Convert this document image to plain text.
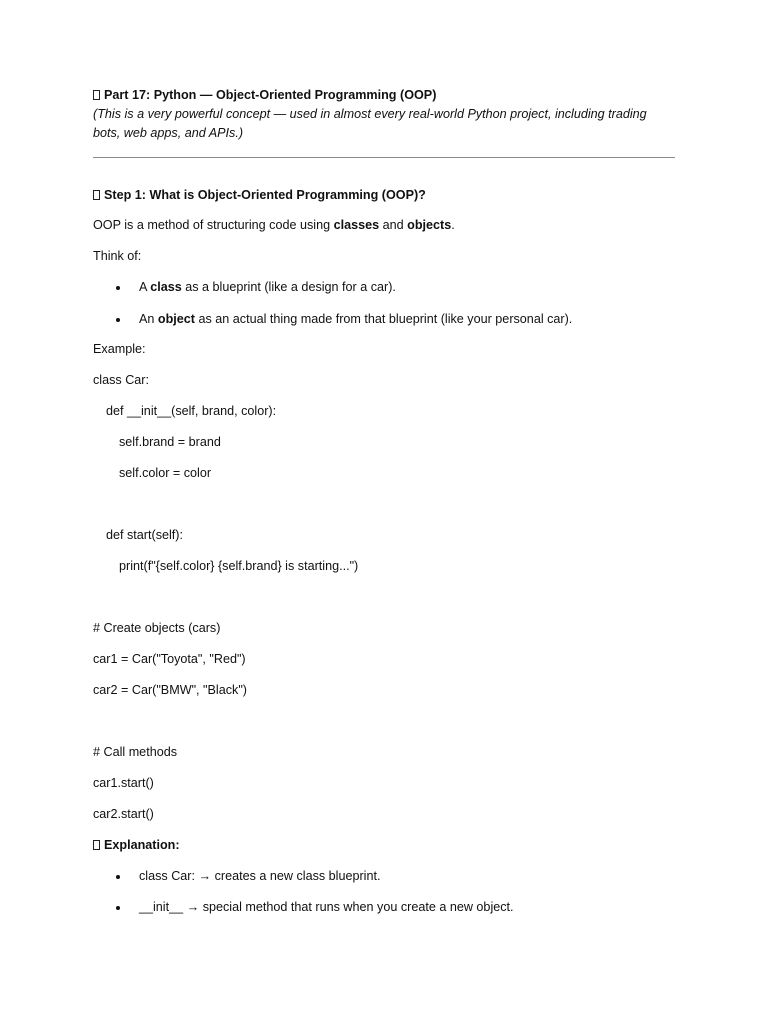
Part 17: Python — Object-Oriented Programming (OOP)

(This is a very powerful concept — used in almost every real-world Python project, including trading bots, web apps, and APIs.)

Step 1: What is Object-Oriented Programming (OOP)?
OOP is a method of structuring code using classes and objects.
Think of:
A class as a blueprint (like a design for a car).
An object as an actual thing made from that blueprint (like your personal car).
Example:
class Car:
def __init__(self, brand, color):
self.brand = brand
self.color = color
def start(self):
print(f"{self.color} {self.brand} is starting...")
# Create objects (cars)
car1 = Car("Toyota", "Red")
car2 = Car("BMW", "Black")
# Call methods
car1.start()
car2.start()
Explanation:
class Car: → creates a new class blueprint.
__init__ → special method that runs when you create a new object.
